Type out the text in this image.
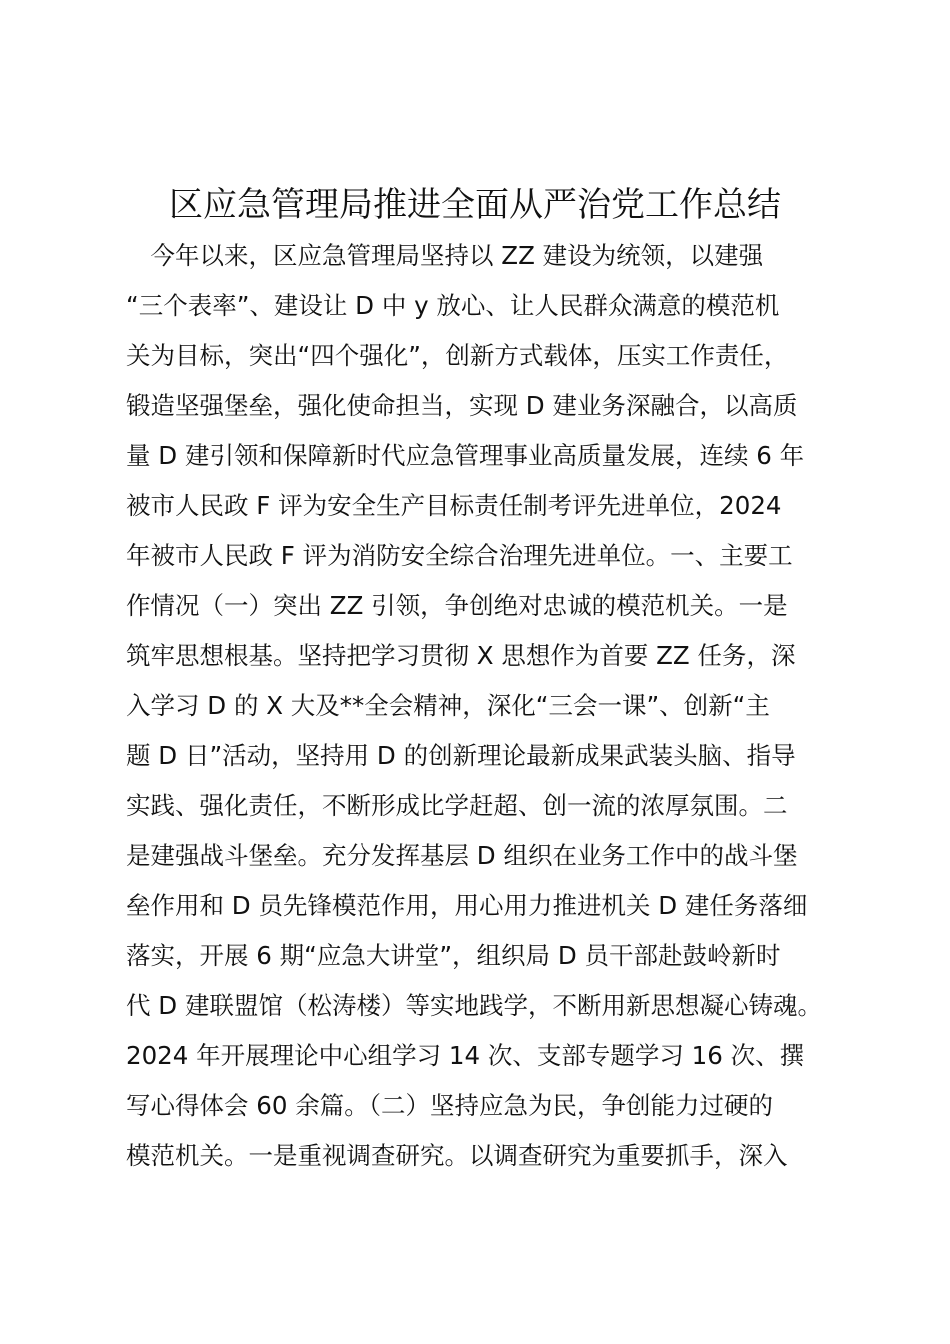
区应急管理局推进全面从严治党工作总结
　今年以来，区应急管理局坚持以 ZZ 建设为统领，以建强
“三个表率”、建设让 D 中 y 放心、让人民群众满意的模范机
关为目标，突出“四个强化”，创新方式载体，压实工作责任，
锻造坚强堡垒，强化使命担当，实现 D 建业务深融合，以高质
量 D 建引领和保障新时代应急管理事业高质量发展，连续 6 年
被市人民政 F 评为安全生产目标责任制考评先进单位，2024
年被市人民政 F 评为消防安全综合治理先进单位。一、主要工
作情况（一）突出 ZZ 引领，争创绝对忠诚的模范机关。一是
筑牢思想根基。坚持把学习贯彻 X 思想作为首要 ZZ 任务，深
入学习 D 的 X 大及**全会精神，深化“三会一课”、创新“主
题 D 日”活动，坚持用 D 的创新理论最新成果武装头脑、指导
实践、强化责任，不断形成比学赶超、创一流的浓厚氛围。二
是建强战斗堡垒。充分发挥基层 D 组织在业务工作中的战斗堡
垒作用和 D 员先锋模范作用，用心用力推进机关 D 建任务落细
落实，开展 6 期“应急大讲堂”，组织局 D 员干部赴鼓岭新时
代 D 建联盟馆（松涛楼）等实地践学，不断用新思想凝心铸魂。
2024 年开展理论中心组学习 14 次、支部专题学习 16 次、撰
写心得体会 60 余篇。（二）坚持应急为民，争创能力过硬的
模范机关。一是重视调查研究。以调查研究为重要抓手，深入
